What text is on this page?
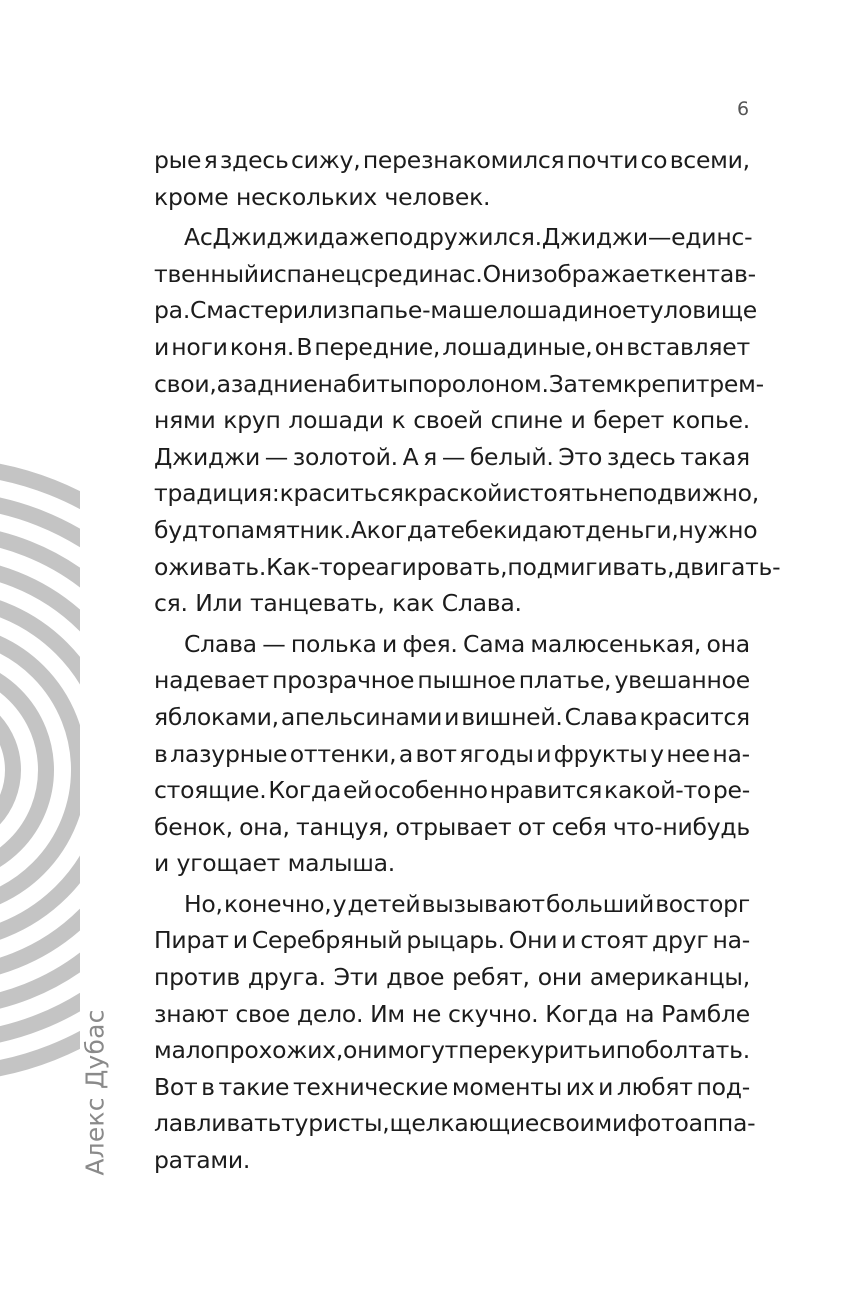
6
Алекс Дубас
рые я здесь сижу, перезнакомился почти со всеми,
кроме нескольких человек.
А с Джиджи даже подружился. Джиджи — единс-
твенный испанец среди нас. Он изображает кентав-
ра. Смастерил из папье-маше лошадиное туловище
и ноги коня. В передние, лошадиные, он вставляет
свои, а задние набиты поролоном. Затем крепит рем-
нями круп лошади к своей спине и берет копье.
Джиджи — золотой. А я — белый. Это здесь такая
традиция: краситься краской и стоять неподвижно,
будто памятник. А когда тебе кидают деньги, нужно
оживать. Как-то реагировать, подмигивать, двигать-
ся. Или танцевать, как Слава.
Слава — полька и фея. Сама малюсенькая, она
надевает прозрачное пышное платье, увешанное
яблоками, апельсинами и вишней. Слава красится
в лазурные оттенки, а вот ягоды и фрукты у нее на-
стоящие. Когда ей особенно нравится какой-то ре-
бенок, она, танцуя, отрывает от себя что-нибудь
и угощает малыша.
Но, конечно, у детей вызывают больший восторг
Пират и Серебряный рыцарь. Они и стоят друг на-
против друга. Эти двое ребят, они американцы,
знают свое дело. Им не скучно. Когда на Рамбле
мало прохожих, они могут перекурить и поболтать.
Вот в такие технические моменты их и любят под-
лавливать туристы, щелкающие своими фотоаппа-
ратами.
